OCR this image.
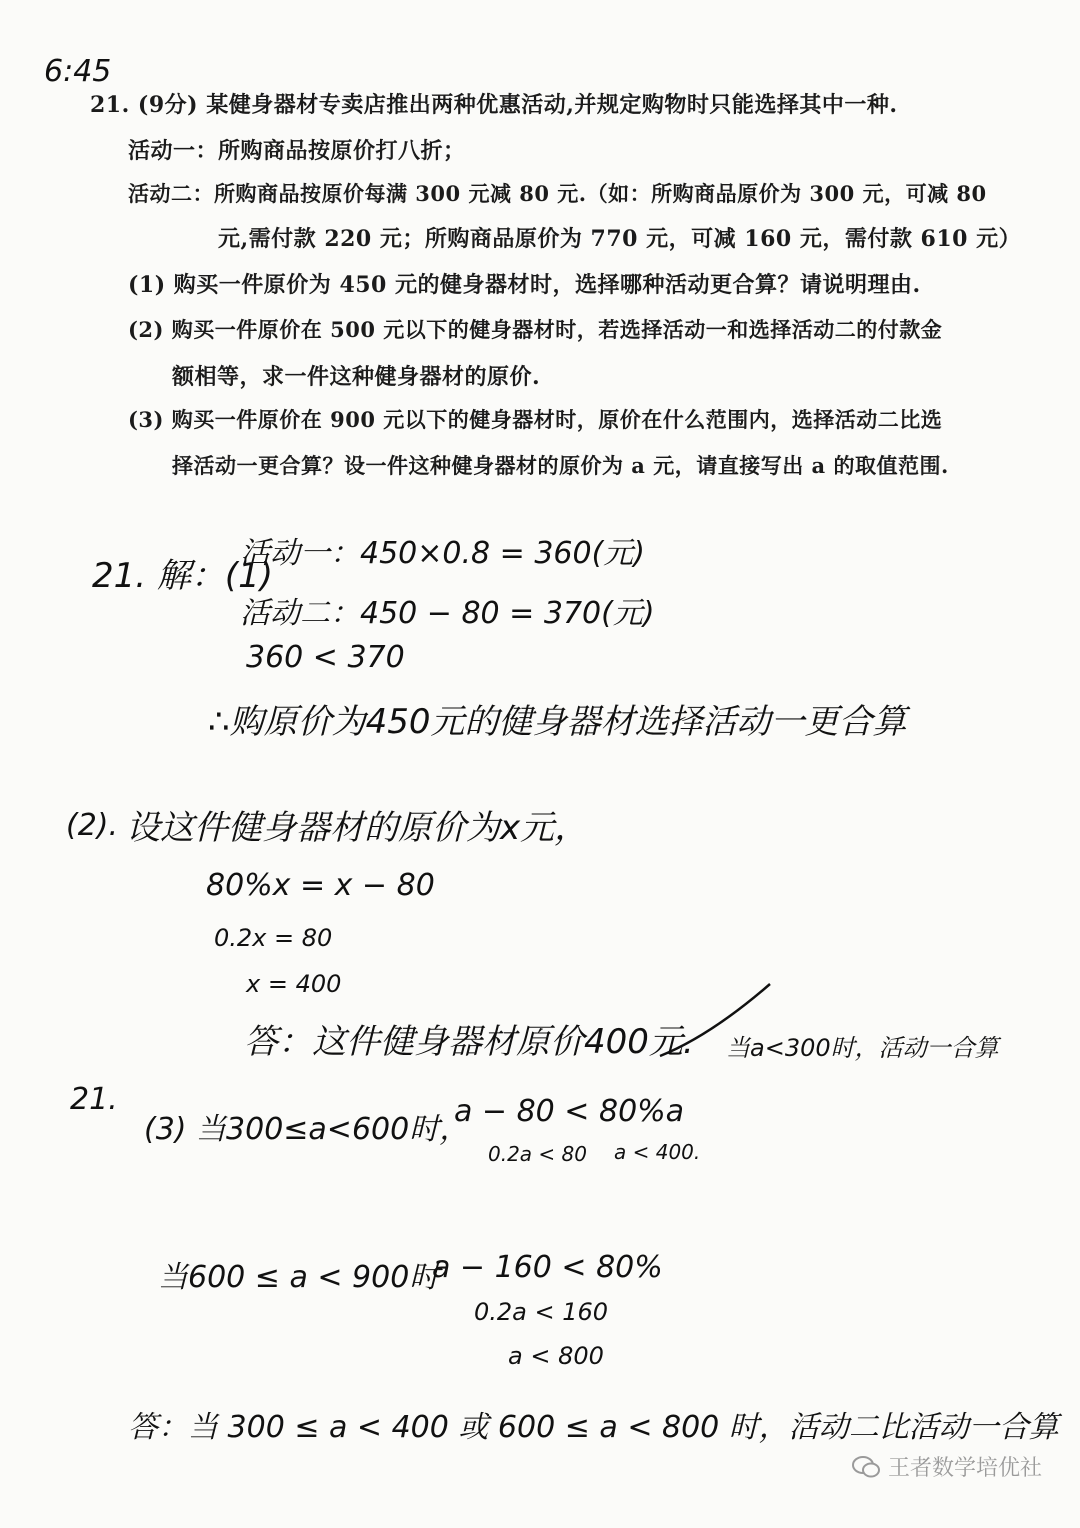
6:45
21. (9分) 某健身器材专卖店推出两种优惠活动,并规定购物时只能选择其中一种.
活动一：所购商品按原价打八折；
活动二：所购商品按原价每满 300 元减 80 元.（如：所购商品原价为 300 元，可减 80
元,需付款 220 元；所购商品原价为 770 元，可减 160 元，需付款 610 元）
(1) 购买一件原价为 450 元的健身器材时，选择哪种活动更合算？请说明理由.
(2) 购买一件原价在 500 元以下的健身器材时，若选择活动一和选择活动二的付款金
额相等，求一件这种健身器材的原价.
(3) 购买一件原价在 900 元以下的健身器材时，原价在什么范围内，选择活动二比选
择活动一更合算？设一件这种健身器材的原价为 a 元，请直接写出 a 的取值范围.
21. 解：(1)
活动一：450×0.8 = 360(元)
活动二：450 − 80 = 370(元)
360 < 370
∴购原价为450元的健身器材选择活动一更合算
(2). 设这件健身器材的原价为x元，
80%x = x − 80
0.2x = 80
x = 400
答：这件健身器材原价400元. 当a<300时，活动一合算
21.
(3) 当300≤a<600时，
a − 80 < 80%a
0.2a < 80 a < 400.
当600 ≤ a < 900时
a − 160 < 80%
0.2a < 160
a < 800
答：当 300 ≤ a < 400 或 600 ≤ a < 800 时，活动二比活动一合算
王者数学培优社
